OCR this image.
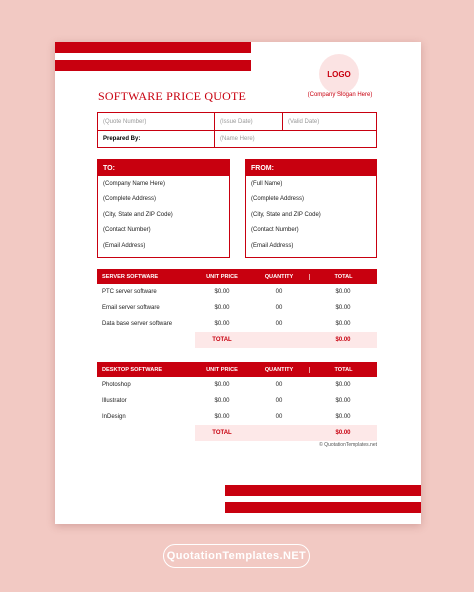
LOGO
(Company Slogan Here)
SOFTWARE PRICE QUOTE
(Quote Number)	(Issue Date)	(Valid Date)
Prepared By:	(Name Here)
TO:
(Company Name Here)
(Complete Address)
(City, State and ZIP Code)
(Contact Number)
(Email Address)
FROM:
(Full Name)
(Complete Address)
(City, State and ZIP Code)
(Contact Number)
(Email Address)
SERVER SOFTWARE	UNIT PRICE	QUANTITY	TOTAL
PTC server software	$0.00	00	$0.00
Email server software	$0.00	00	$0.00
Data base server software	$0.00	00	$0.00
TOTAL	$0.00
DESKTOP SOFTWARE	UNIT PRICE	QUANTITY	TOTAL
Photoshop	$0.00	00	$0.00
Illustrator	$0.00	00	$0.00
InDesign	$0.00	00	$0.00
TOTAL	$0.00
© QuotationTemplates.net
QuotationTemplates.NET
